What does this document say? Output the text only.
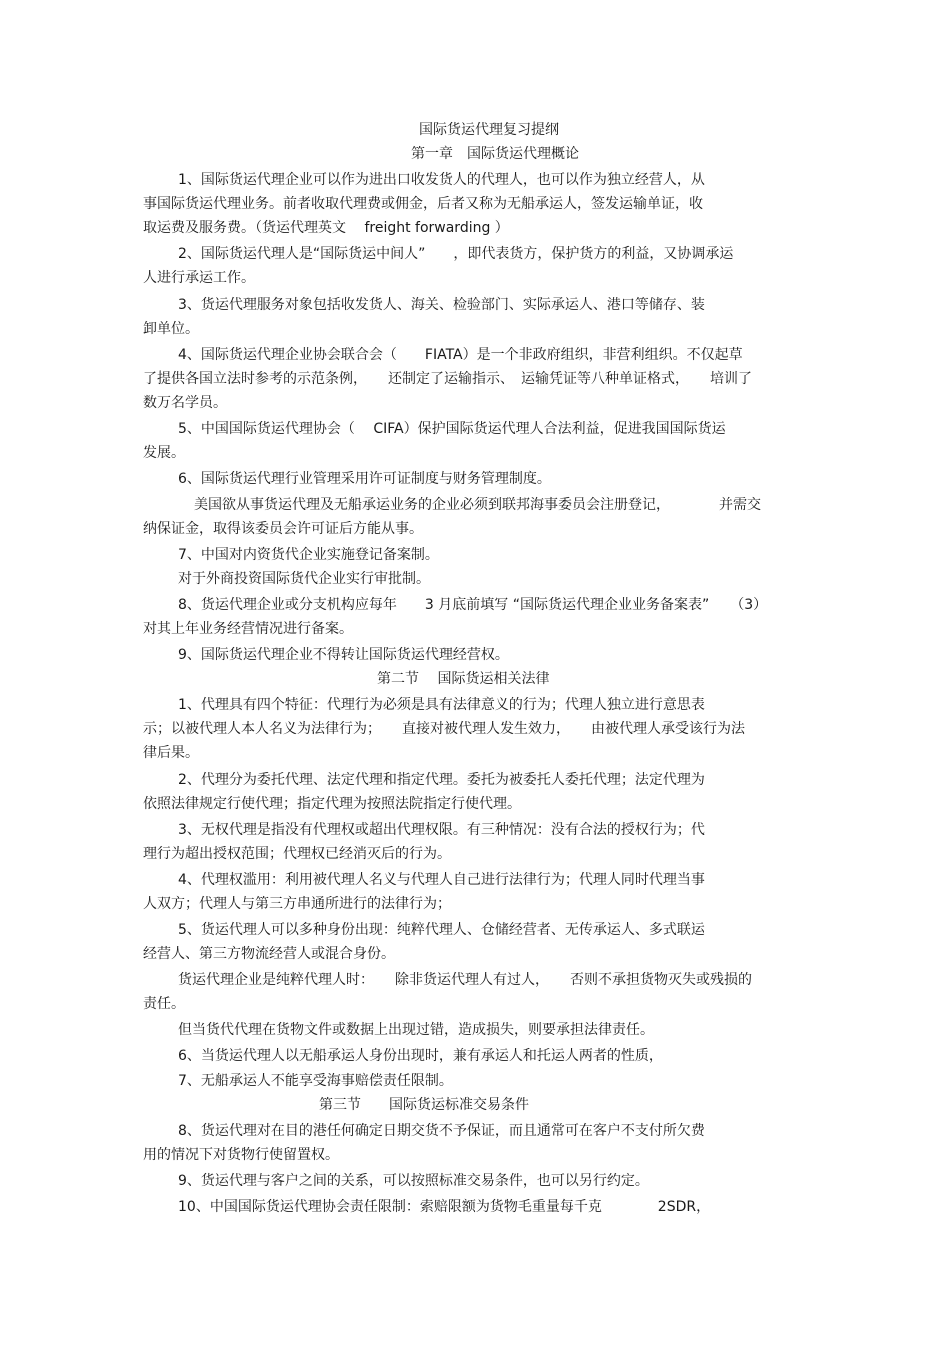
国际货运代理复习提纲
第一章　国际货运代理概论
1、国际货运代理企业可以作为进出口收发货人的代理人，也可以作为独立经营人，从
事国际货运代理业务。前者收取代理费或佣金，后者又称为无船承运人，签发运输单证，收
取运费及服务费。（货运代理英文　 freight forwarding ）
2、国际货运代理人是“国际货运中间人”　　，即代表货方，保护货方的利益，又协调承运
人进行承运工作。
3、货运代理服务对象包括收发货人、海关、检验部门、实际承运人、港口等储存、装
卸单位。
4、国际货运代理企业协会联合会（　　FIATA）是一个非政府组织，非营利组织。不仅起草
了提供各国立法时参考的示范条例，　　还制定了运输指示、　运输凭证等八种单证格式，　　培训了
数万名学员。
5、中国国际货运代理协会（　 CIFA）保护国际货运代理人合法利益，促进我国国际货运
发展。
6、国际货运代理行业管理采用许可证制度与财务管理制度。
美国欲从事货运代理及无船承运业务的企业必须到联邦海事委员会注册登记，　　　　并需交
纳保证金，取得该委员会许可证后方能从事。
7、中国对内资货代企业实施登记备案制。
对于外商投资国际货代企业实行审批制。
8、货运代理企业或分支机构应每年　　3 月底前填写 “国际货运代理企业业务备案表”　　（3）
对其上年业务经营情况进行备案。
9、国际货运代理企业不得转让国际货运代理经营权。
第二节　 国际货运相关法律
1、代理具有四个特征：代理行为必须是具有法律意义的行为；代理人独立进行意思表
示；以被代理人本人名义为法律行为；　　直接对被代理人发生效力，　　由被代理人承受该行为法
律后果。
2、代理分为委托代理、法定代理和指定代理。委托为被委托人委托代理；法定代理为
依照法律规定行使代理；指定代理为按照法院指定行使代理。
3、无权代理是指没有代理权或超出代理权限。有三种情况：没有合法的授权行为；代
理行为超出授权范围；代理权已经消灭后的行为。
4、代理权滥用：利用被代理人名义与代理人自己进行法律行为；代理人同时代理当事
人双方；代理人与第三方串通所进行的法律行为；
5、货运代理人可以多种身份出现：纯粹代理人、仓储经营者、无传承运人、多式联运
经营人、第三方物流经营人或混合身份。
货运代理企业是纯粹代理人时：　　除非货运代理人有过人，　　否则不承担货物灭失或残损的
责任。
但当货代代理在货物文件或数据上出现过错，造成损失，则要承担法律责任。
6、当货运代理人以无船承运人身份出现时，兼有承运人和托运人两者的性质，
7、无船承运人不能享受海事赔偿责任限制。
第三节　　国际货运标准交易条件
8、货运代理对在目的港任何确定日期交货不予保证，而且通常可在客户不支付所欠费
用的情况下对货物行使留置权。
9、货运代理与客户之间的关系，可以按照标准交易条件，也可以另行约定。
10、中国国际货运代理协会责任限制：索赔限额为货物毛重量每千克　　　　2SDR，
